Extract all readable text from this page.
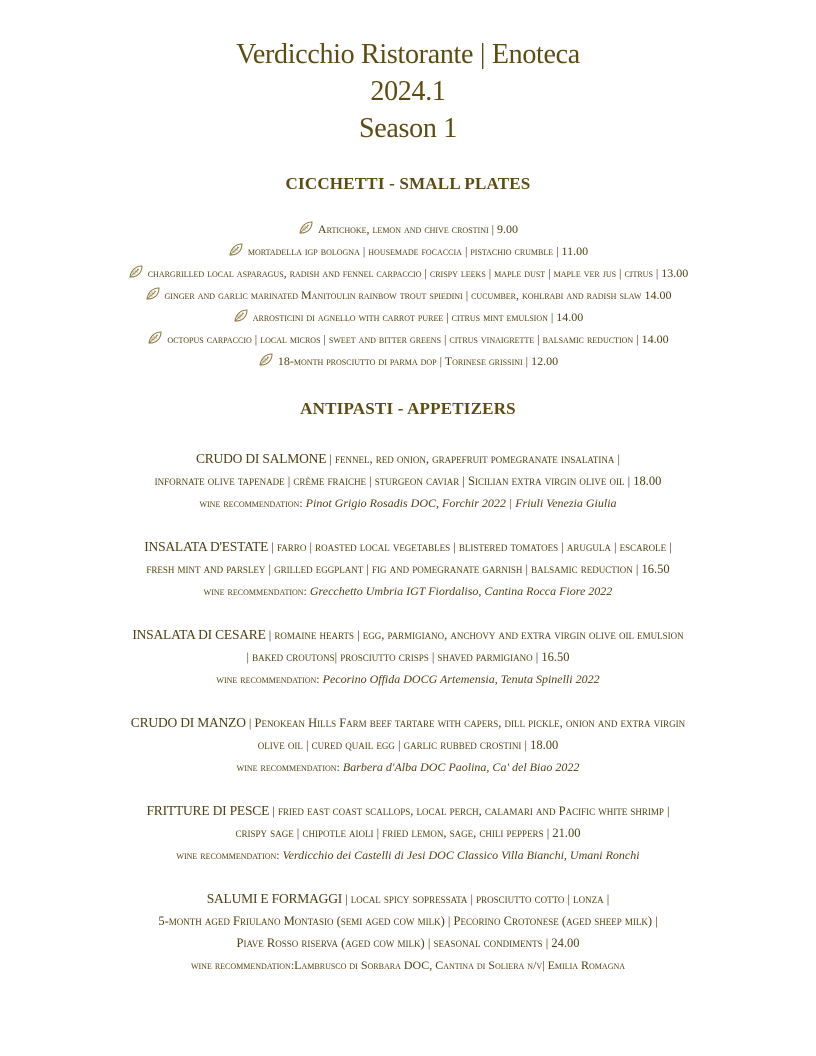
Verdicchio Ristorante | Enoteca
2024.1
Season 1
CICCHETTI - SMALL PLATES
Artichoke, lemon and chive crostini | 9.00
mortadella igp bologna | housemade focaccia | pistachio crumble | 11.00
chargrilled local asparagus, radish and fennel carpaccio | crispy leeks | maple dust | maple ver jus | citrus | 13.00
ginger and garlic marinated Manitoulin rainbow trout spiedini | cucumber, kohlrabi and radish slaw 14.00
arrosticini di agnello with carrot puree | citrus mint emulsion | 14.00
octopus carpaccio | local micros | sweet and bitter greens | citrus vinaigrette | balsamic reduction | 14.00
18-month prosciutto di parma dop | Torinese grissini | 12.00
ANTIPASTI - APPETIZERS
CRUDO DI SALMONE | fennel, red onion, grapefruit pomegranate insalatina |
infornate olive tapenade | crème fraiche | sturgeon caviar | Sicilian extra virgin olive oil | 18.00
wine recommendation: Pinot Grigio Rosadis DOC, Forchir 2022 | Friuli Venezia Giulia
INSALATA D'ESTATE | farro | roasted local vegetables | blistered tomatoes | arugula | escarole |
fresh mint and parsley | grilled eggplant | fig and pomegranate garnish | balsamic reduction | 16.50
wine recommendation: Grecchetto Umbria IGT Fiordaliso, Cantina Rocca Fiore 2022
INSALATA DI CESARE | romaine hearts | egg, parmigiano, anchovy and extra virgin olive oil emulsion
| baked croutons| prosciutto crisps | shaved parmigiano | 16.50
wine recommendation: Pecorino Offida DOCG Artemensia, Tenuta Spinelli 2022
CRUDO DI MANZO | Penokean Hills Farm beef tartare with capers, dill pickle, onion and extra virgin
olive oil | cured quail egg | garlic rubbed crostini | 18.00
wine recommendation: Barbera d'Alba DOC Paolina, Ca' del Biao 2022
FRITTURE DI PESCE | fried east coast scallops, local perch, calamari and Pacific white shrimp |
crispy sage | chipotle aioli | fried lemon, sage, chili peppers | 21.00
wine recommendation: Verdicchio dei Castelli di Jesi DOC Classico Villa Bianchi, Umani Ronchi
SALUMI E FORMAGGI | local spicy sopressata | prosciutto cotto | lonza |
5-month aged Friulano Montasio (semi aged cow milk) | Pecorino Crotonese (aged sheep milk) |
Piave Rosso riserva (aged cow milk) | seasonal condiments | 24.00
wine recommendation:Lambrusco di Sorbara DOC, Cantina di Soliera n/v| Emilia Romagna
